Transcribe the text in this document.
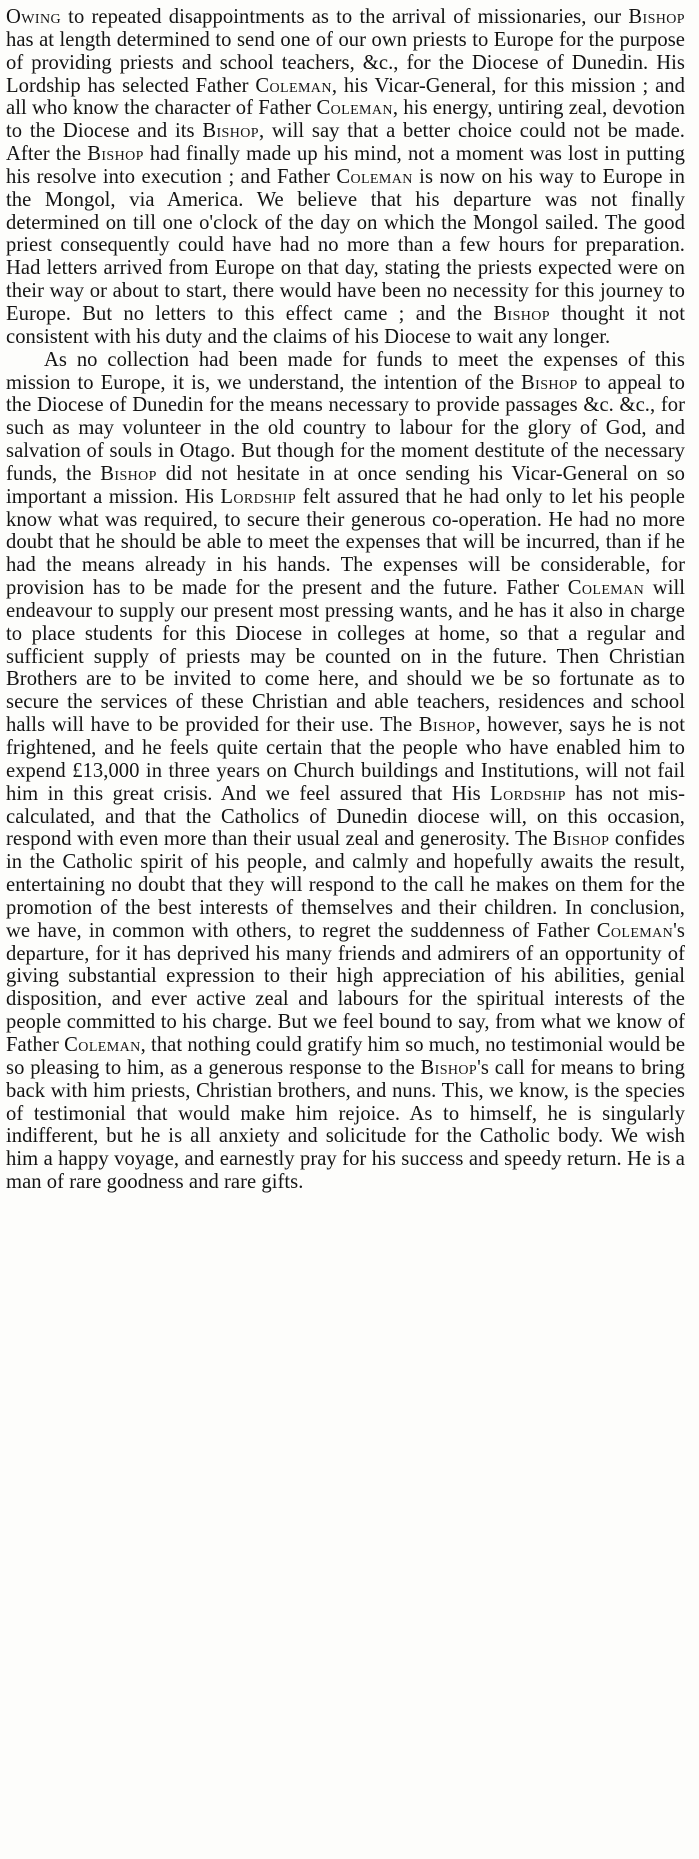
Owing to repeated disappointments as to the arrival of missionaries, our Bishop has at length determined to send one of our own priests to Europe for the purpose of providing priests and school teachers, &c., for the Diocese of Dunedin. His Lordship has selected Father Coleman, his Vicar-General, for this mission ; and all who know the character of Father Coleman, his energy, untiring zeal, devotion to the Diocese and its Bishop, will say that a better choice could not be made. After the Bishop had finally made up his mind, not a moment was lost in putting his resolve into execution ; and Father Coleman is now on his way to Europe in the Mongol, via America. We believe that his departure was not finally determined on till one o'clock of the day on which the Mongol sailed. The good priest consequently could have had no more than a few hours for preparation. Had letters arrived from Europe on that day, stating the priests expected were on their way or about to start, there would have been no necessity for this journey to Europe. But no letters to this effect came ; and the Bishop thought it not consistent with his duty and the claims of his Diocese to wait any longer.

As no collection had been made for funds to meet the expenses of this mission to Europe, it is, we understand, the intention of the Bishop to appeal to the Diocese of Dunedin for the means necessary to provide passages &c. &c., for such as may volunteer in the old country to labour for the glory of God, and salvation of souls in Otago. But though for the moment destitute of the necessary funds, the Bishop did not hesitate in at once sending his Vicar-General on so important a mission. His Lordship felt assured that he had only to let his people know what was required, to secure their generous co-operation. He had no more doubt that he should be able to meet the expenses that will be incurred, than if he had the means already in his hands. The expenses will be considerable, for provision has to be made for the present and the future. Father Coleman will endeavour to supply our present most pressing wants, and he has it also in charge to place students for this Diocese in colleges at home, so that a regular and sufficient supply of priests may be counted on in the future. Then Christian Brothers are to be invited to come here, and should we be so fortunate as to secure the services of these Christian and able teachers, residences and school halls will have to be provided for their use. The Bishop, however, says he is not frightened, and he feels quite certain that the people who have enabled him to expend £13,000 in three years on Church buildings and Institutions, will not fail him in this great crisis. And we feel assured that His Lordship has not mis-calculated, and that the Catholics of Dunedin diocese will, on this occasion, respond with even more than their usual zeal and generosity. The Bishop confides in the Catholic spirit of his people, and calmly and hopefully awaits the result, entertaining no doubt that they will respond to the call he makes on them for the promotion of the best interests of themselves and their children. In conclusion, we have, in common with others, to regret the suddenness of Father Coleman's departure, for it has deprived his many friends and admirers of an opportunity of giving substantial expression to their high appreciation of his abilities, genial disposition, and ever active zeal and labours for the spiritual interests of the people committed to his charge. But we feel bound to say, from what we know of Father Coleman, that nothing could gratify him so much, no testimonial would be so pleasing to him, as a generous response to the Bishop's call for means to bring back with him priests, Christian brothers, and nuns. This, we know, is the species of testimonial that would make him rejoice. As to himself, he is singularly indifferent, but he is all anxiety and solicitude for the Catholic body. We wish him a happy voyage, and earnestly pray for his success and speedy return. He is a man of rare goodness and rare gifts.
